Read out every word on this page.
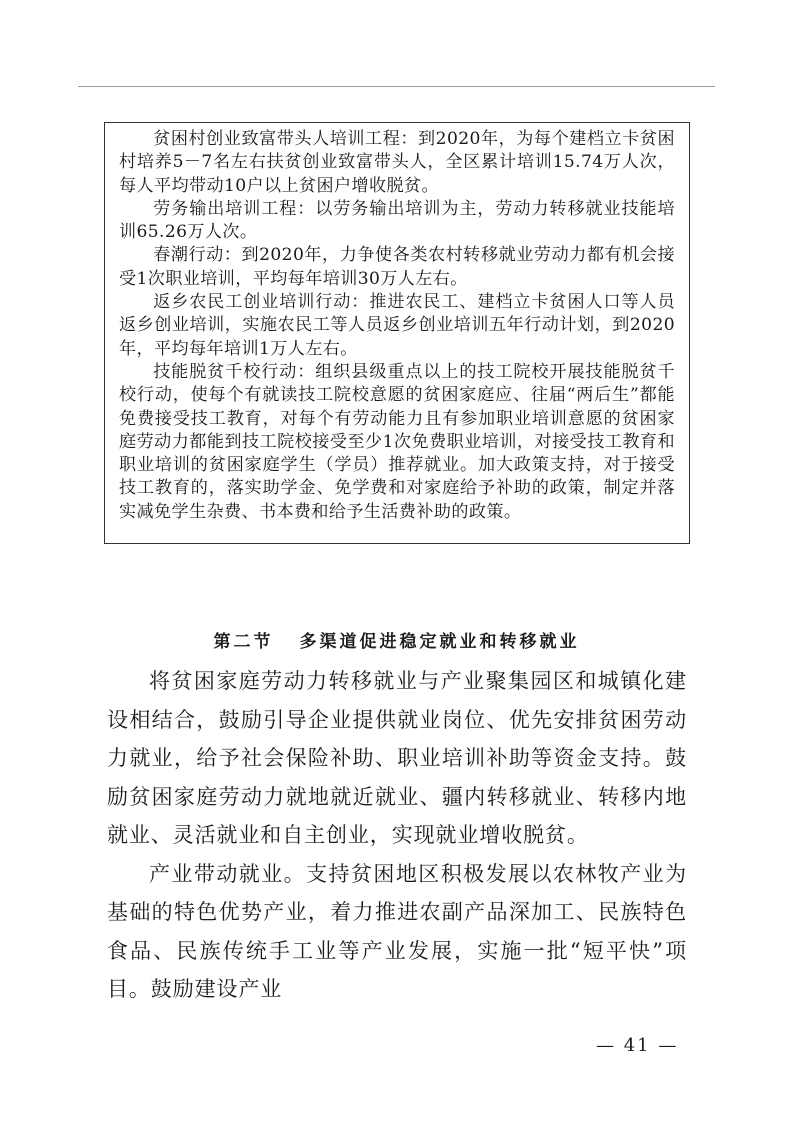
贫困村创业致富带头人培训工程：到2020年，为每个建档立卡贫困村培养5－7名左右扶贫创业致富带头人，全区累计培训15.74万人次，每人平均带动10户以上贫困户增收脱贫。

劳务输出培训工程：以劳务输出培训为主，劳动力转移就业技能培训65.26万人次。

春潮行动：到2020年，力争使各类农村转移就业劳动力都有机会接受1次职业培训，平均每年培训30万人左右。

返乡农民工创业培训行动：推进农民工、建档立卡贫困人口等人员返乡创业培训，实施农民工等人员返乡创业培训五年行动计划，到2020年，平均每年培训1万人左右。

技能脱贫千校行动：组织县级重点以上的技工院校开展技能脱贫千校行动，使每个有就读技工院校意愿的贫困家庭应、往届“两后生”都能免费接受技工教育，对每个有劳动能力且有参加职业培训意愿的贫困家庭劳动力都能到技工院校接受至少1次免费职业培训，对接受技工教育和职业培训的贫困家庭学生（学员）推荐就业。加大政策支持，对于接受技工教育的，落实助学金、免学费和对家庭给予补助的政策，制定并落实减免学生杂费、书本费和给予生活费补助的政策。

第二节 多渠道促进稳定就业和转移就业

将贫困家庭劳动力转移就业与产业聚集园区和城镇化建设相结合，鼓励引导企业提供就业岗位、优先安排贫困劳动力就业，给予社会保险补助、职业培训补助等资金支持。鼓励贫困家庭劳动力就地就近就业、疆内转移就业、转移内地就业、灵活就业和自主创业，实现就业增收脱贫。

产业带动就业。支持贫困地区积极发展以农林牧产业为基础的特色优势产业，着力推进农副产品深加工、民族特色食品、民族传统手工业等产业发展，实施一批“短平快”项目。鼓励建设产业

— 41 —
